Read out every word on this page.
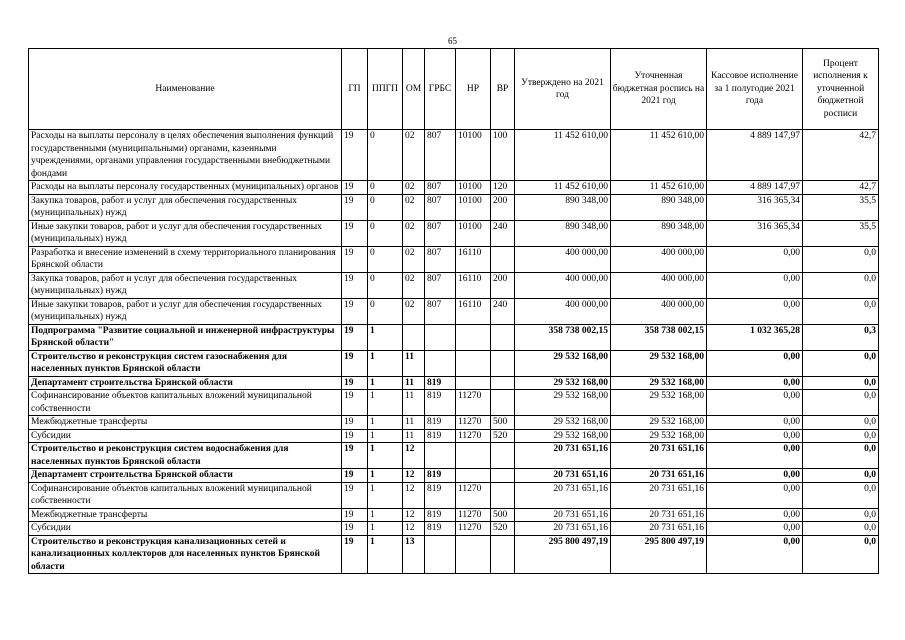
65
Наименование	ГП	ППГП	ОМ	ГРБС	НР	ВР	Утверждено на 2021 год	Уточненная бюджетная роспись на 2021 год	Кассовое исполнение за 1 полугодие 2021 года	Процент исполнения к уточненной бюджетной росписи
Расходы на выплаты персоналу в целях обеспечения выполнения функций государственными (муниципальными) органами, казенными учреждениями, органами управления государственными внебюджетными фондами	19	0	02	807	10100	100	11 452 610,00	11 452 610,00	4 889 147,97	42,7
Расходы на выплаты персоналу государственных (муниципальных) органов	19	0	02	807	10100	120	11 452 610,00	11 452 610,00	4 889 147,97	42,7
Закупка товаров, работ и услуг для обеспечения государственных (муниципальных) нужд	19	0	02	807	10100	200	890 348,00	890 348,00	316 365,34	35,5
Иные закупки товаров, работ и услуг для обеспечения государственных (муниципальных) нужд	19	0	02	807	10100	240	890 348,00	890 348,00	316 365,34	35,5
Разработка и внесение изменений в схему территориального планирования Брянской области	19	0	02	807	16110		400 000,00	400 000,00	0,00	0,0
Закупка товаров, работ и услуг для обеспечения государственных (муниципальных) нужд	19	0	02	807	16110	200	400 000,00	400 000,00	0,00	0,0
Иные закупки товаров, работ и услуг для обеспечения государственных (муниципальных) нужд	19	0	02	807	16110	240	400 000,00	400 000,00	0,00	0,0
Подпрограмма "Развитие социальной и инженерной инфраструктуры Брянской области"	19	1					358 738 002,15	358 738 002,15	1 032 365,28	0,3
Строительство и реконструкция систем газоснабжения для населенных пунктов Брянской области	19	1	11				29 532 168,00	29 532 168,00	0,00	0,0
Департамент строительства Брянской области	19	1	11	819			29 532 168,00	29 532 168,00	0,00	0,0
Софинансирование объектов капитальных вложений муниципальной собственности	19	1	11	819	11270		29 532 168,00	29 532 168,00	0,00	0,0
Межбюджетные трансферты	19	1	11	819	11270	500	29 532 168,00	29 532 168,00	0,00	0,0
Субсидии	19	1	11	819	11270	520	29 532 168,00	29 532 168,00	0,00	0,0
Строительство и реконструкция систем водоснабжения для населенных пунктов Брянской области	19	1	12				20 731 651,16	20 731 651,16	0,00	0,0
Департамент строительства Брянской области	19	1	12	819			20 731 651,16	20 731 651,16	0,00	0,0
Софинансирование объектов капитальных вложений муниципальной собственности	19	1	12	819	11270		20 731 651,16	20 731 651,16	0,00	0,0
Межбюджетные трансферты	19	1	12	819	11270	500	20 731 651,16	20 731 651,16	0,00	0,0
Субсидии	19	1	12	819	11270	520	20 731 651,16	20 731 651,16	0,00	0,0
Строительство и реконструкция канализационных сетей и канализационных коллекторов для населенных пунктов Брянской области	19	1	13				295 800 497,19	295 800 497,19	0,00	0,0
